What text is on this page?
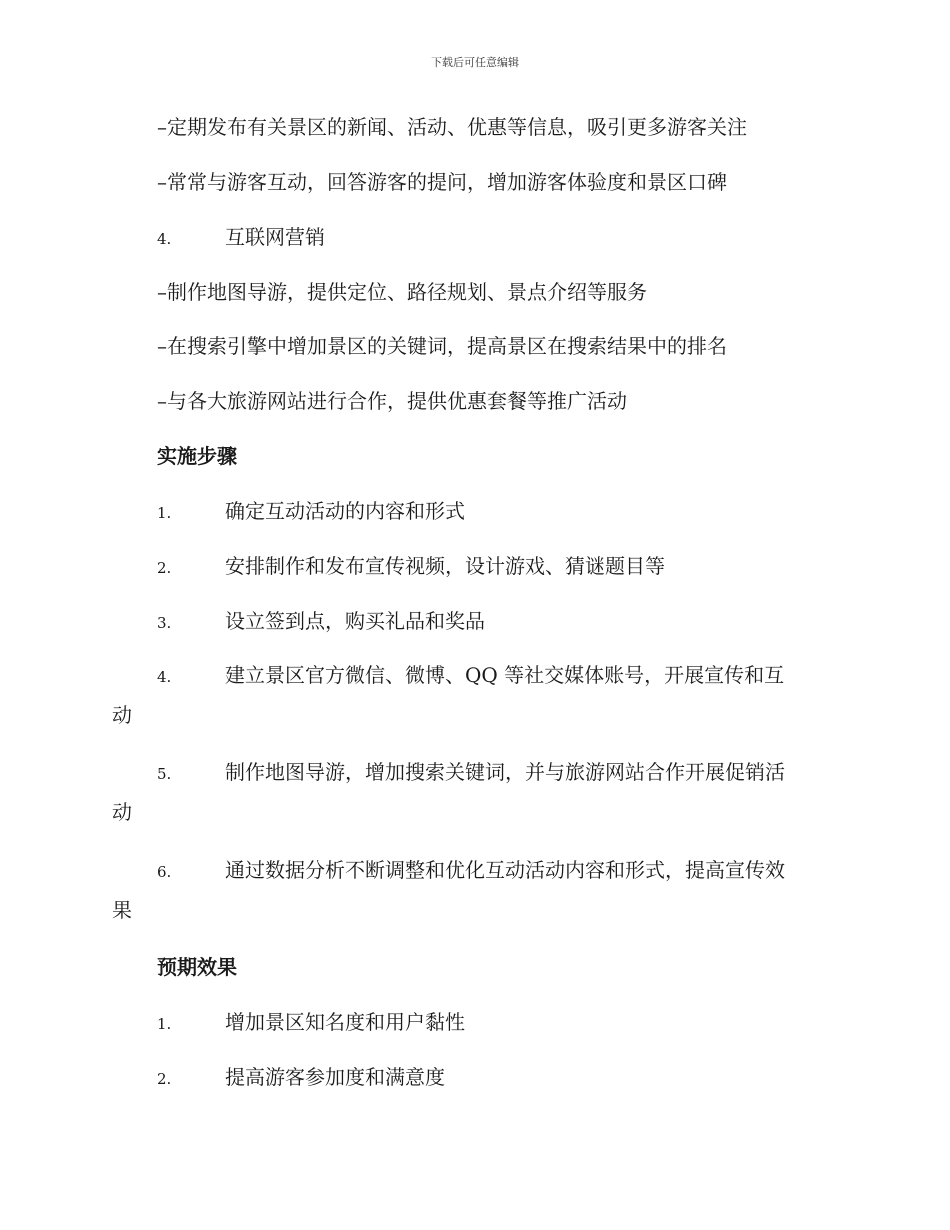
下载后可任意编辑
–定期发布有关景区的新闻、活动、优惠等信息，吸引更多游客关注
–常常与游客互动，回答游客的提问，增加游客体验度和景区口碑
4.	互联网营销
–制作地图导游，提供定位、路径规划、景点介绍等服务
–在搜索引擎中增加景区的关键词，提高景区在搜索结果中的排名
–与各大旅游网站进行合作，提供优惠套餐等推广活动
实施步骤
1.	确定互动活动的内容和形式
2.	安排制作和发布宣传视频，设计游戏、猜谜题目等
3.	设立签到点，购买礼品和奖品
4.	建立景区官方微信、微博、QQ 等社交媒体账号，开展宣传和互
动
5.	制作地图导游，增加搜索关键词，并与旅游网站合作开展促销活
动
6.	通过数据分析不断调整和优化互动活动内容和形式，提高宣传效
果
预期效果
1.	增加景区知名度和用户黏性
2.	提高游客参加度和满意度
